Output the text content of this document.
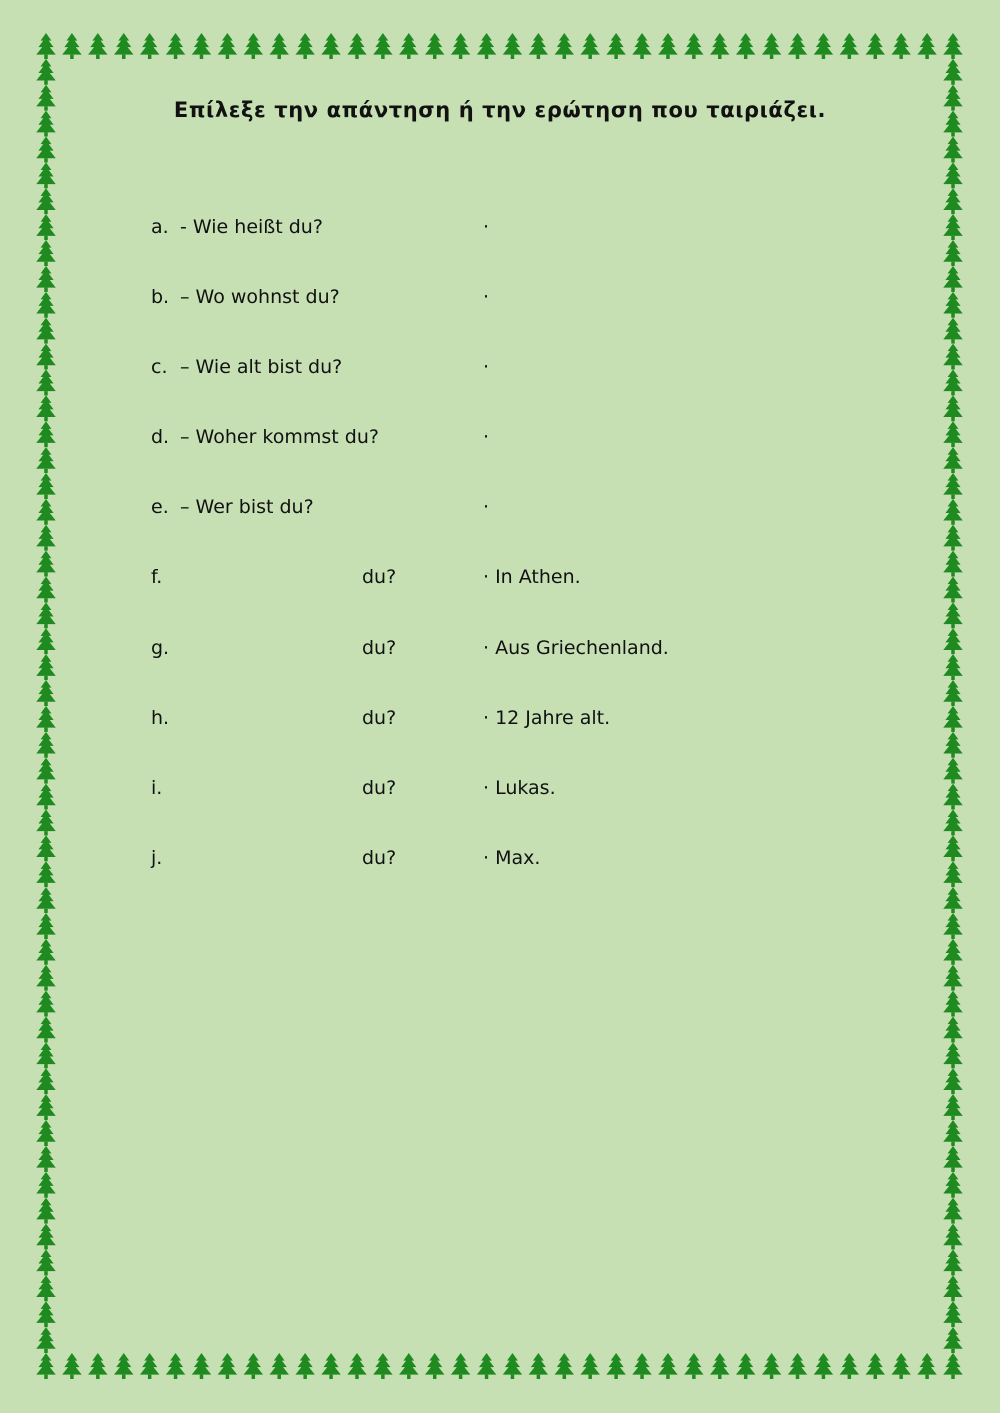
Επίλεξε την απάντηση ή την ερώτηση που ταιριάζει.
a. - Wie heißt du?	·
b. – Wo wohnst du?	·
c. – Wie alt bist du?	·
d. – Woher kommst du?	·
e. – Wer bist du?	·
f.	du?	· In Athen.
g.	du?	· Aus Griechenland.
h.	du?	· 12 Jahre alt.
i.	du?	· Lukas.
j.	du?	· Max.
